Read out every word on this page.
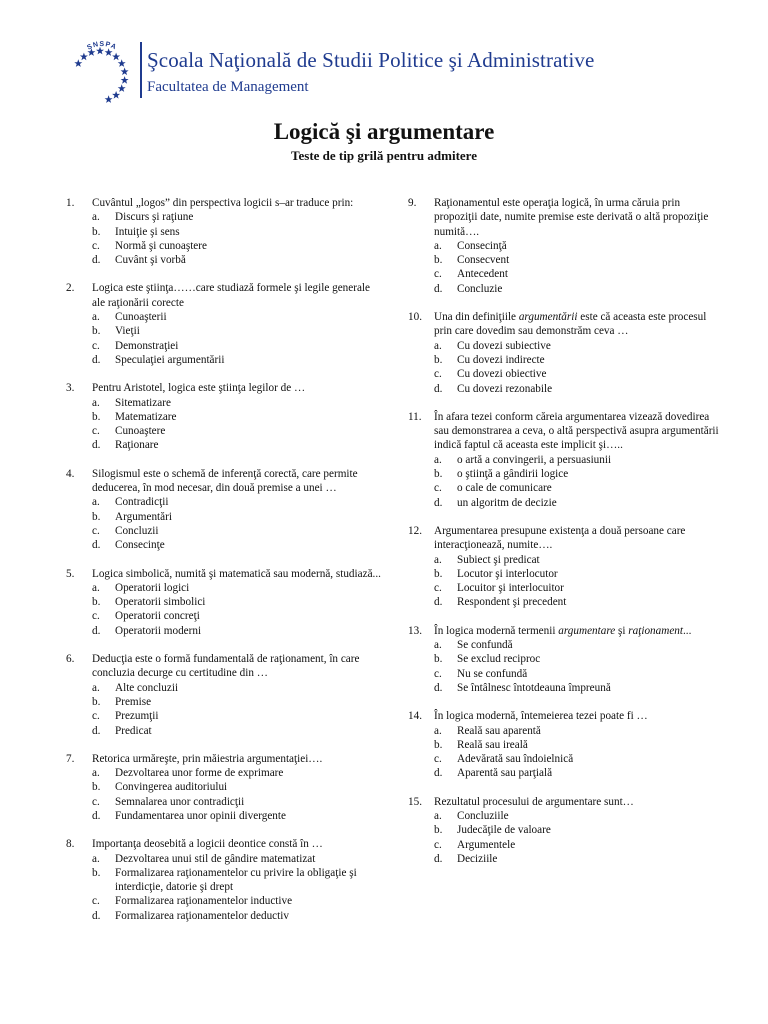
SNSPA
Şcoala Naţională de Studii Politice şi Administrative
Facultatea de Management
Logică şi argumentare
Teste de tip grilă pentru admitere
1.	Cuvântul „logos” din perspectiva logicii s–ar traduce prin:
a.	Discurs şi raţiune
b.	Intuiţie şi sens
c.	Normă şi cunoaştere
d.	Cuvânt şi vorbă
2.	Logica este ştiinţa……care studiază formele şi legile generale ale raţionării corecte
a.	Cunoaşterii
b.	Vieţii
c.	Demonstraţiei
d.	Speculaţiei argumentării
3.	Pentru Aristotel, logica este ştiinţa legilor de …
a.	Sitematizare
b.	Matematizare
c.	Cunoaştere
d.	Raţionare
4.	Silogismul este o schemă de inferenţă corectă, care permite deducerea, în mod necesar, din două premise a unei …
a.	Contradicţii
b.	Argumentări
c.	Concluzii
d.	Consecinţe
5.	Logica simbolică, numită şi matematică sau modernă, studiază...
a.	Operatorii logici
b.	Operatorii simbolici
c.	Operatorii concreţi
d.	Operatorii moderni
6.	Deducţia este o formă fundamentală de raţionament, în care concluzia decurge cu certitudine din …
a.	Alte concluzii
b.	Premise
c.	Prezumţii
d.	Predicat
7.	Retorica urmăreşte, prin măiestria argumentaţiei….
a.	Dezvoltarea unor forme de exprimare
b.	Convingerea auditoriului
c.	Semnalarea unor contradicţii
d.	Fundamentarea unor opinii divergente
8.	Importanţa deosebită a logicii deontice constă în …
a.	Dezvoltarea unui stil de gândire matematizat
b.	Formalizarea raţionamentelor cu privire la obligaţie şi interdicţie, datorie şi drept
c.	Formalizarea raţionamentelor inductive
d.	Formalizarea raţionamentelor deductiv
9.	Raţionamentul este operaţia logică, în urma căruia prin propoziţii date, numite premise este derivată o altă propoziţie numită….
a.	Consecinţă
b.	Consecvent
c.	Antecedent
d.	Concluzie
10.	Una din definiţiile argumentării este că aceasta este procesul prin care dovedim sau demonstrăm ceva …
a.	Cu dovezi subiective
b.	Cu dovezi indirecte
c.	Cu dovezi obiective
d.	Cu dovezi rezonabile
11.	În afara tezei conform căreia argumentarea vizează dovedirea sau demonstrarea a ceva, o altă perspectivă asupra argumentării indică faptul că aceasta este implicit şi…..
a.	o artă a convingerii, a persuasiunii
b.	o ştiinţă a gândirii logice
c.	o cale de comunicare
d.	un algoritm de decizie
12.	Argumentarea presupune existenţa a două persoane care interacţionează, numite….
a.	Subiect şi predicat
b.	Locutor şi interlocutor
c.	Locuitor şi interlocuitor
d.	Respondent şi precedent
13.	În logica modernă termenii argumentare şi raţionament...
a.	Se confundă
b.	Se exclud reciproc
c.	Nu se confundă
d.	Se întâlnesc întotdeauna împreună
14.	În logica modernă, întemeierea tezei poate fi …
a.	Reală sau aparentă
b.	Reală sau ireală
c.	Adevărată sau îndoielnică
d.	Aparentă sau parţială
15.	Rezultatul procesului de argumentare sunt…
a.	Concluziile
b.	Judecăţile de valoare
c.	Argumentele
d.	Deciziile
